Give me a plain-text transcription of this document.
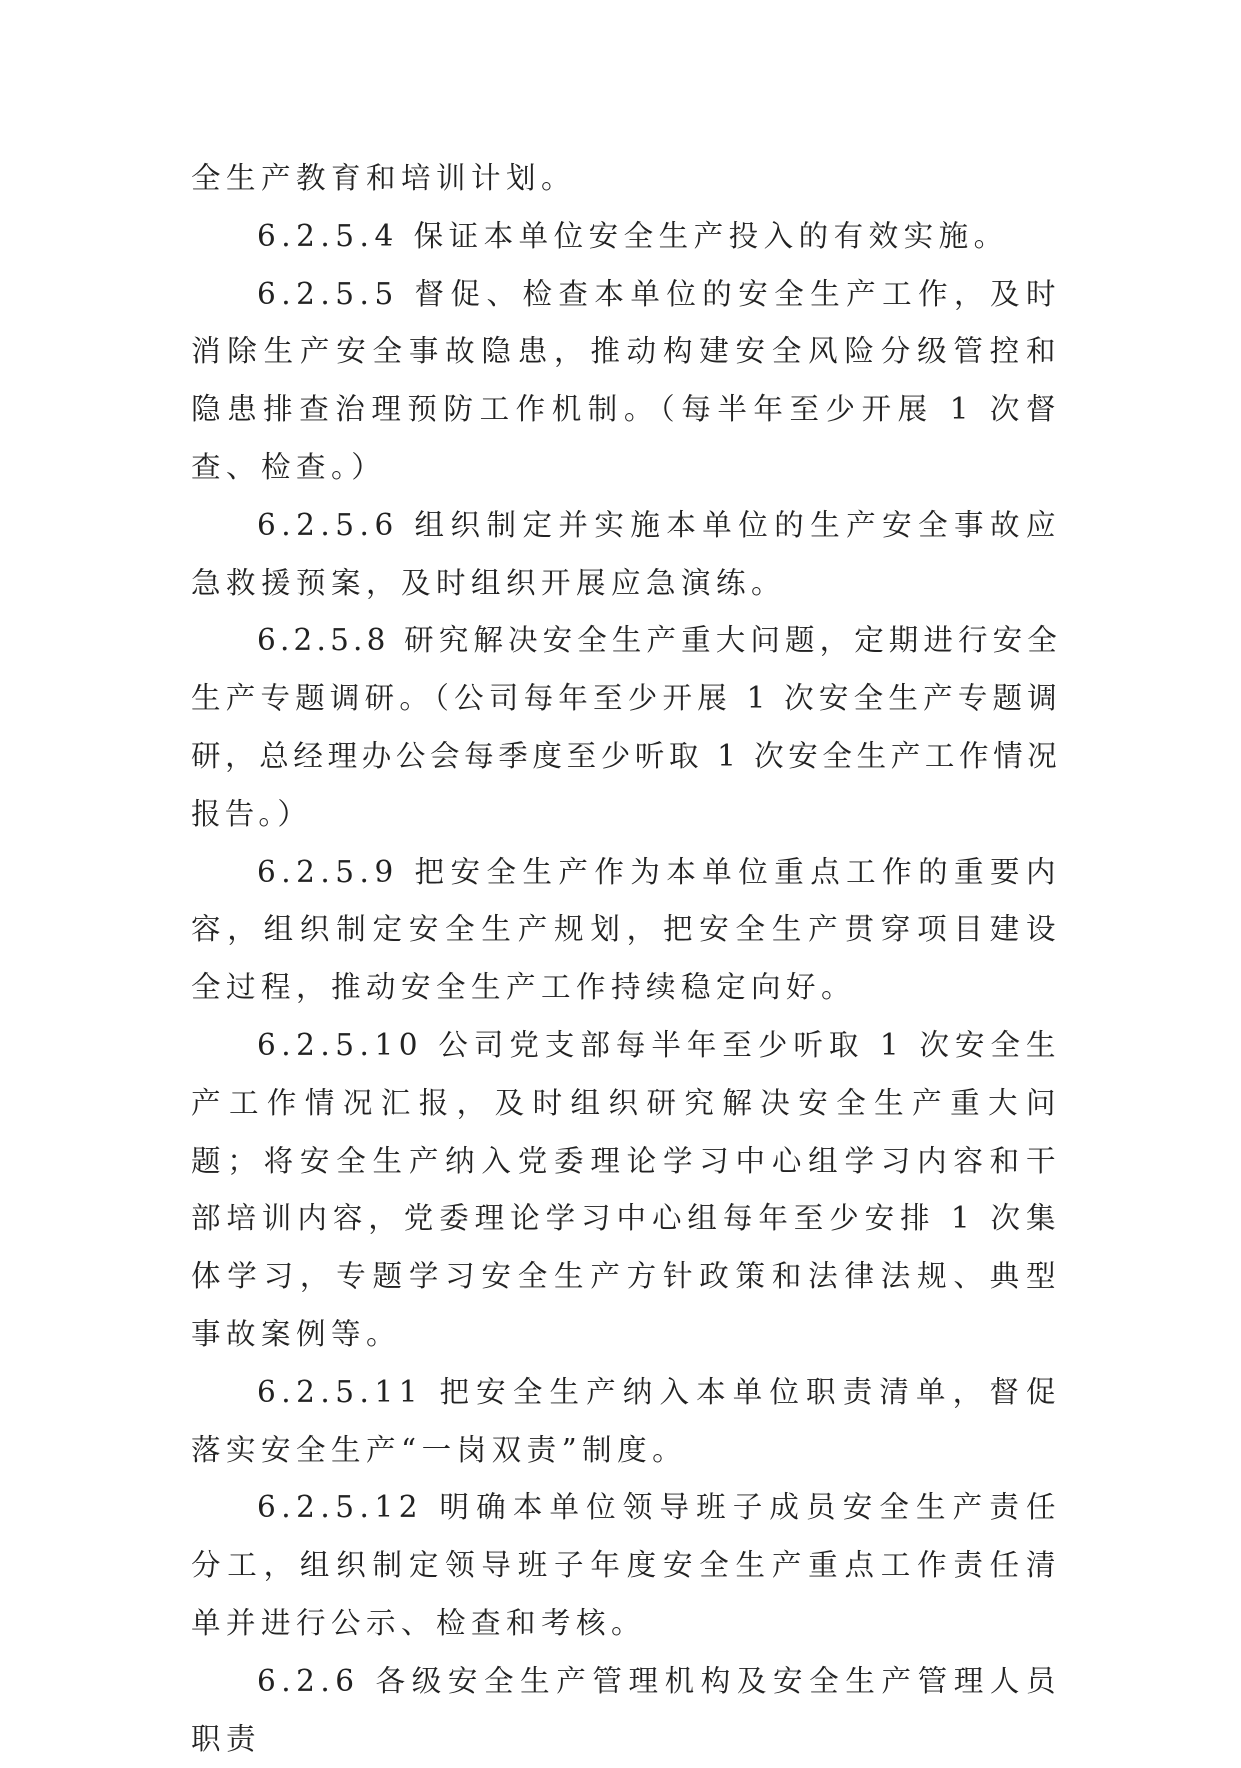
全生产教育和培训计划。

6.2.5.4 保证本单位安全生产投入的有效实施。

6.2.5.5 督促、检查本单位的安全生产工作，及时消除生产安全事故隐患，推动构建安全风险分级管控和隐患排查治理预防工作机制。（每半年至少开展 1 次督查、检查。）

6.2.5.6 组织制定并实施本单位的生产安全事故应急救援预案，及时组织开展应急演练。

6.2.5.8 研究解决安全生产重大问题，定期进行安全生产专题调研。（公司每年至少开展 1 次安全生产专题调研，总经理办公会每季度至少听取 1 次安全生产工作情况报告。）

6.2.5.9 把安全生产作为本单位重点工作的重要内容，组织制定安全生产规划，把安全生产贯穿项目建设全过程，推动安全生产工作持续稳定向好。

6.2.5.10 公司党支部每半年至少听取 1 次安全生产工作情况汇报，及时组织研究解决安全生产重大问题；将安全生产纳入党委理论学习中心组学习内容和干部培训内容，党委理论学习中心组每年至少安排 1 次集体学习，专题学习安全生产方针政策和法律法规、典型事故案例等。

6.2.5.11 把安全生产纳入本单位职责清单，督促落实安全生产“一岗双责”制度。

6.2.5.12 明确本单位领导班子成员安全生产责任分工，组织制定领导班子年度安全生产重点工作责任清单并进行公示、检查和考核。

6.2.6 各级安全生产管理机构及安全生产管理人员职责
